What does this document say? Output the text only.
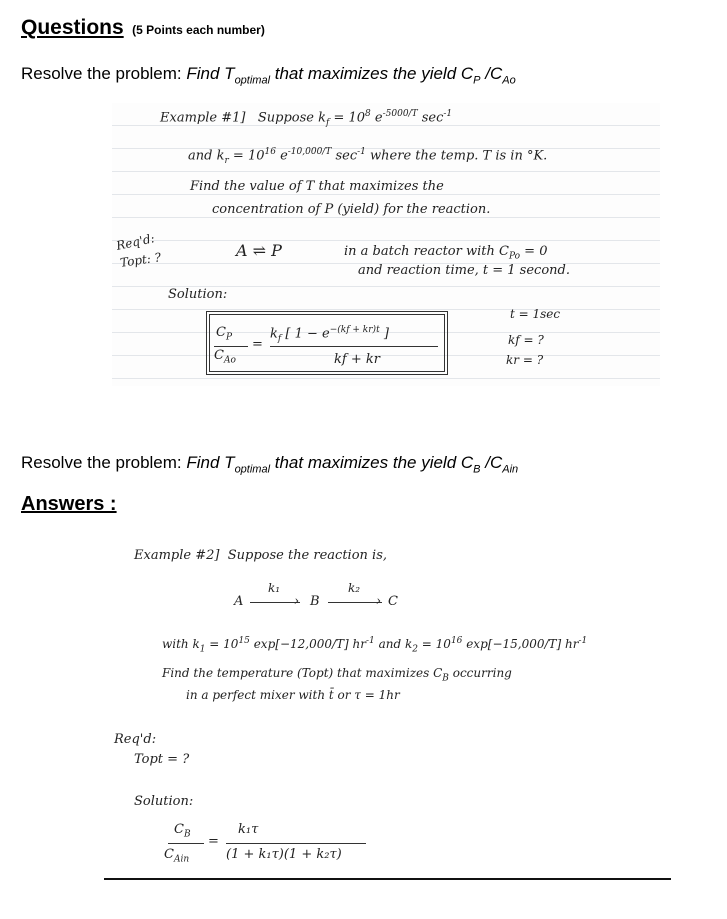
Questions (5 Points each number)
Resolve the problem: Find $T_{optimal}$ that maximizes the yield $C_P$ $/C_{Ao}$
Example #1] Suppose $k_f = 10^8$ $e^{-5000/T}$ $\sec^{-1}$
and $k_r = 10^{16}$ $e^{-10,000/T}$ $\sec^{-1}$ where the temp. T is in °K.
Find the value of T that maximizes the
concentration of P (yield) for the reaction.
Req'd:
Topt: ?	A ⇌ P	in a batch reactor with $C_{Po} = 0$
and reaction time, t = 1 second.
Solution:
$C_P$
$C_{Ao}$
=
$k_f$ [ $1 - e^{-(kf + kr)t}$ ]
kf + kr
t = 1sec
kf = ?
kr = ?
Resolve the problem: Find $T_{optimal}$ that maximizes the yield $C_B$ $/C_{Ain}$
Answers :
Example #2] Suppose the reaction is,
A
k₁
› B
k₂
› C
with $k_1 = 10^{15}$ exp[−12,000/T] $hr^{-1}$ and $k_2 = 10^{16}$ exp[−15,000/T] $hr^{-1}$
Find the temperature (Topt) that maximizes $C_B$ occurring
in a perfect mixer with t̄ or τ = 1hr
Req'd:
Topt = ?
Solution:
$C_B$
$C_{Ain}$
=
k₁τ
(1 + k₁τ)(1 + k₂τ)
